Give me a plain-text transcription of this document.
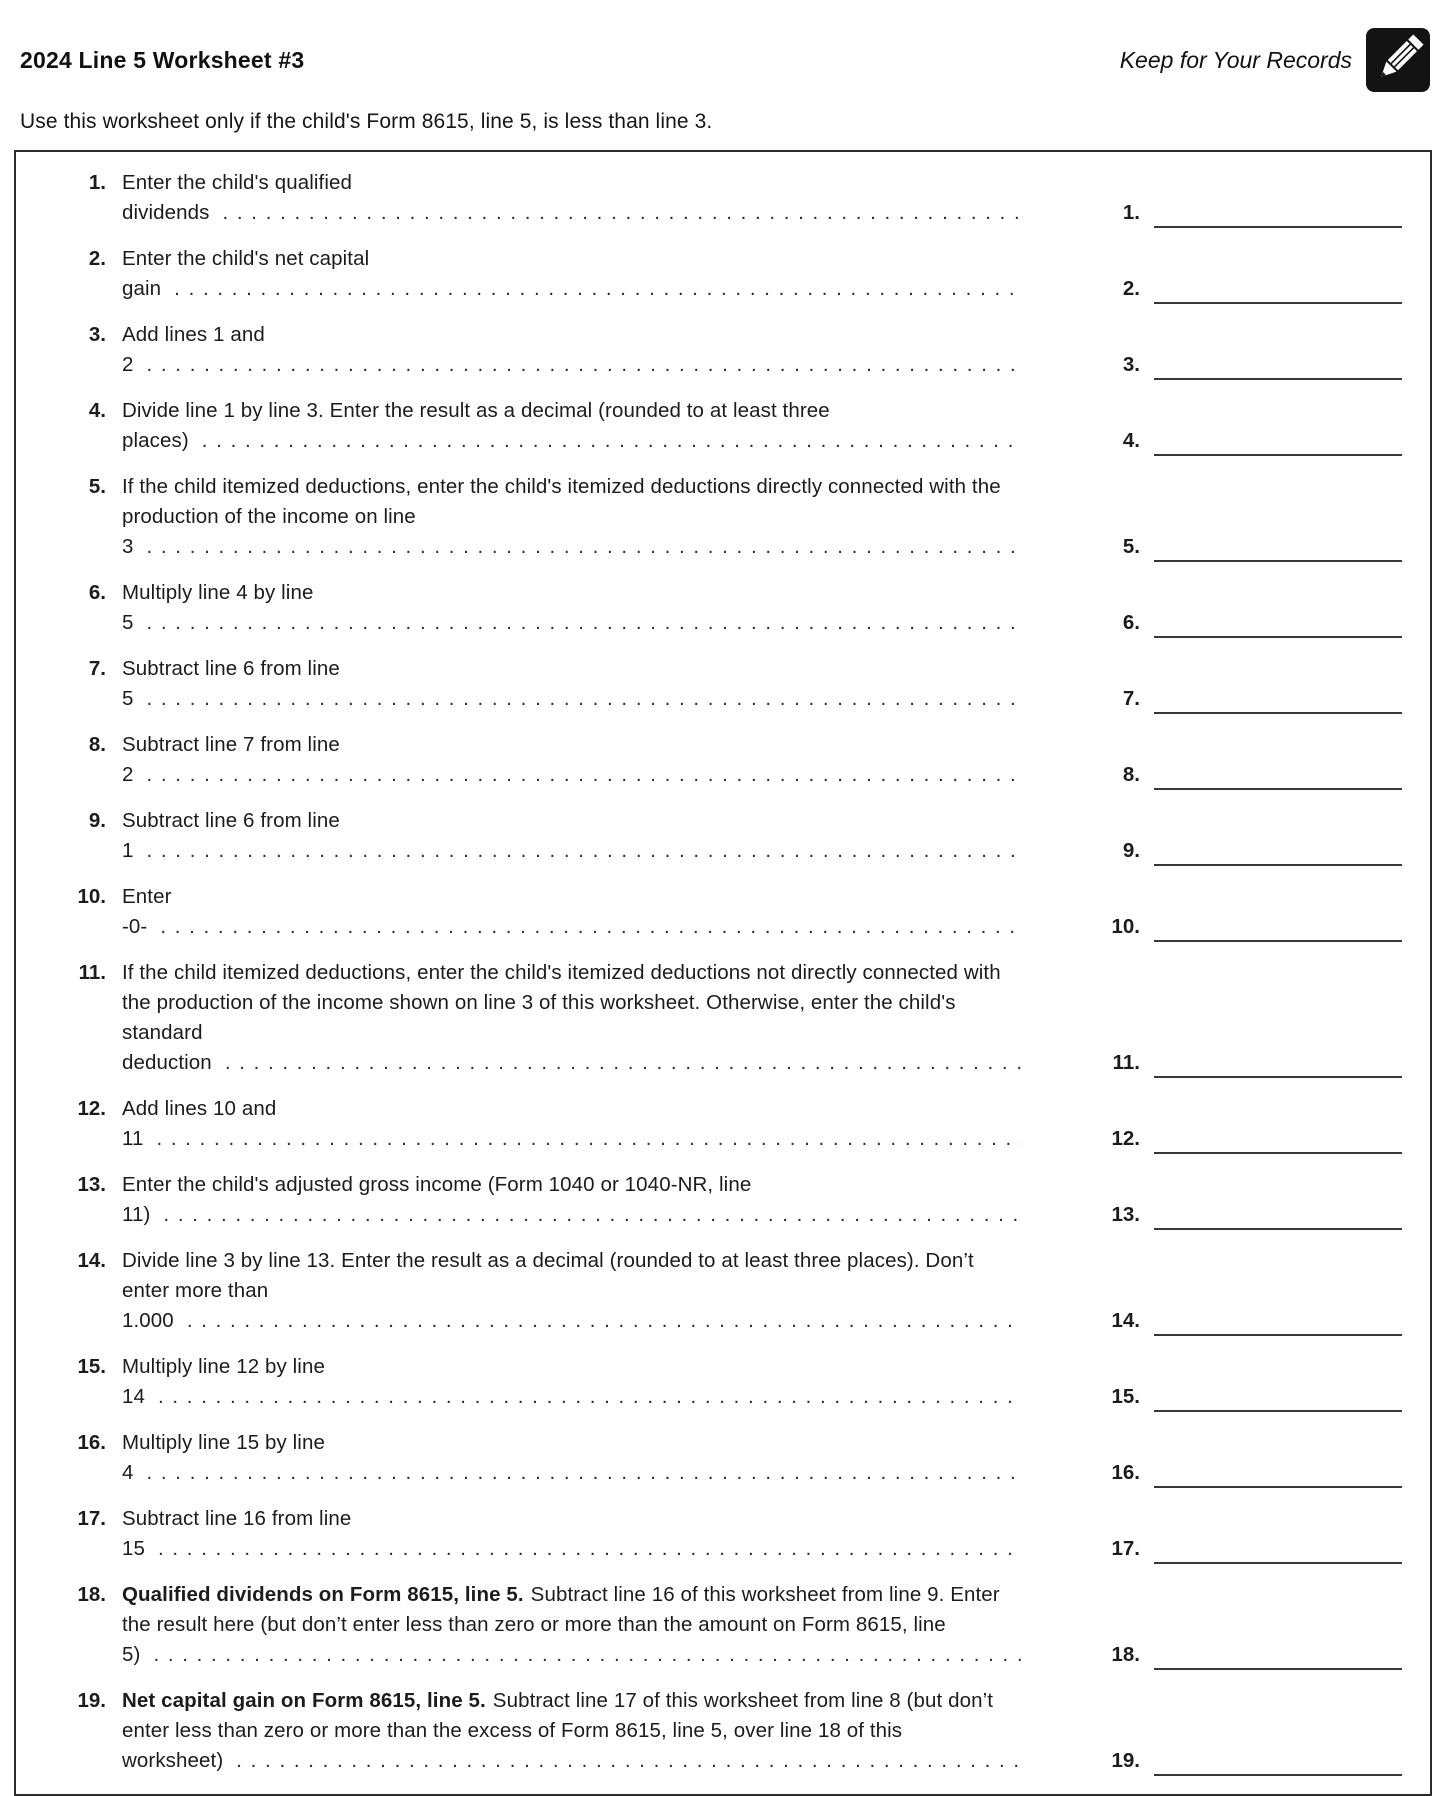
2024 Line 5 Worksheet #3	Keep for Your Records
Use this worksheet only if the child's Form 8615, line 5, is less than line 3.
1. Enter the child's qualified dividends . . .	1.
2. Enter the child's net capital gain . . .	2.
3. Add lines 1 and 2 . . .	3.
4. Divide line 1 by line 3. Enter the result as a decimal (rounded to at least three places) . . .	4.
5. If the child itemized deductions, enter the child's itemized deductions directly connected with the production of the income on line 3 . . .	5.
6. Multiply line 4 by line 5 . . .	6.
7. Subtract line 6 from line 5 . . .	7.
8. Subtract line 7 from line 2 . . .	8.
9. Subtract line 6 from line 1 . . .	9.
10. Enter -0- . . .	10.
11. If the child itemized deductions, enter the child's itemized deductions not directly connected with the production of the income shown on line 3 of this worksheet. Otherwise, enter the child's standard deduction . . .	11.
12. Add lines 10 and 11 . . .	12.
13. Enter the child's adjusted gross income (Form 1040 or 1040-NR, line 11) . . .	13.
14. Divide line 3 by line 13. Enter the result as a decimal (rounded to at least three places). Don’t enter more than 1.000 . . .	14.
15. Multiply line 12 by line 14 . . .	15.
16. Multiply line 15 by line 4 . . .	16.
17. Subtract line 16 from line 15 . . .	17.
18. Qualified dividends on Form 8615, line 5. Subtract line 16 of this worksheet from line 9. Enter the result here (but don’t enter less than zero or more than the amount on Form 8615, line 5) . . .	18.
19. Net capital gain on Form 8615, line 5. Subtract line 17 of this worksheet from line 8 (but don’t enter less than zero or more than the excess of Form 8615, line 5, over line 18 of this worksheet) . . .	19.
